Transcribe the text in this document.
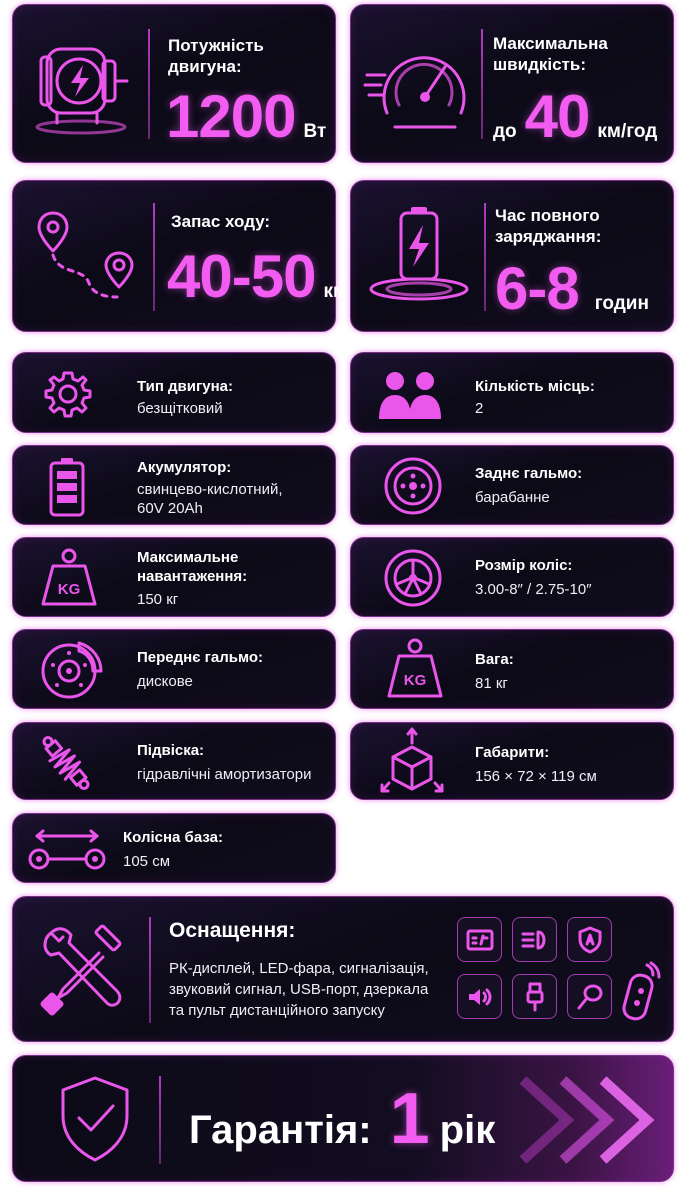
Потужність двигуна:
1200 Вт
Максимальна швидкість:
до 40 км/год
Запас ходу:
40-50 км
Час повного заряджання:
6-8 годин
Тип двигуна:
безщітковий
Кількість місць:
2
Акумулятор:
свинцево-кислотний,
60V 20Ah
Заднє гальмо:
барабанне
KG
Максимальне
навантаження:
150 кг
Розмір коліс:
3.00-8″ / 2.75-10″
Переднє гальмо:
дискове	KG
Вага:
81 кг
Підвіска:
гідравлічні амортизатори
Габарити:
156 × 72 × 119 см
Колісна база:
105 см
Оснащення:
РК-дисплей, LED-фара, сигналізація,
звуковий сигнал, USB-порт, дзеркала
та пульт дистанційного запуску
Гарантія: 1 рік
